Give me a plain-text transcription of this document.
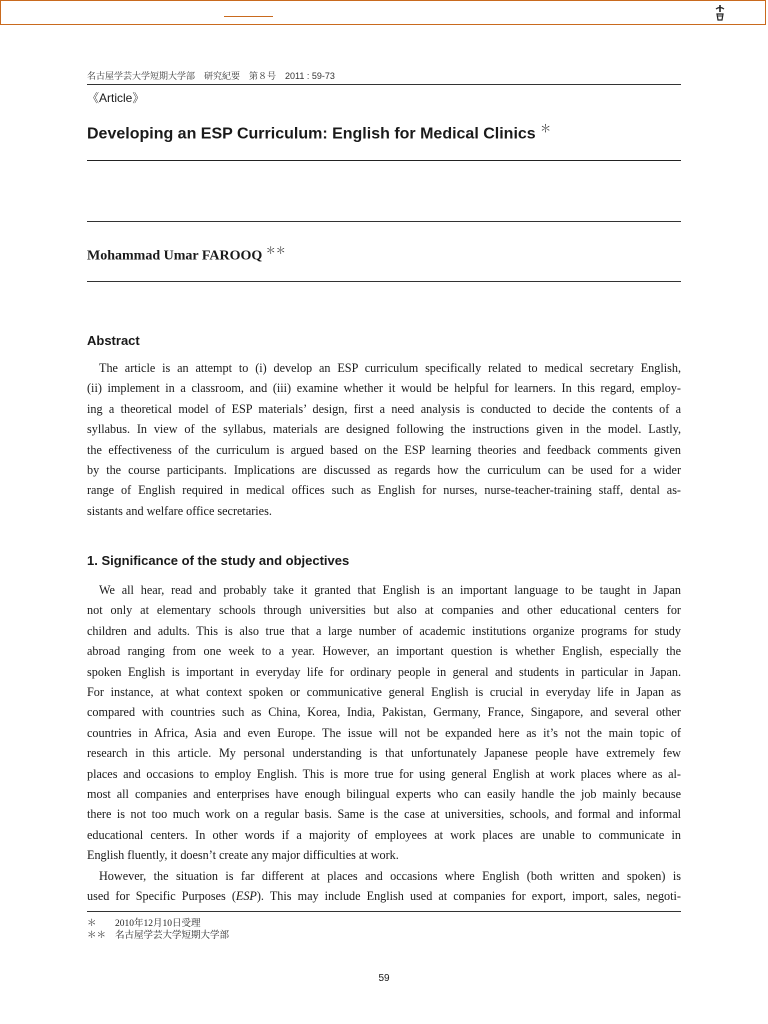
名古屋学芸大学短期大学部　研究紀要　第８号　2011 : 59-73
《Article》
Developing an ESP Curriculum: English for Medical Clinics ＊
Mohammad Umar FAROOQ ＊＊
Abstract
The article is an attempt to (i) develop an ESP curriculum specifically related to medical secretary English,
(ii) implement in a classroom, and (iii) examine whether it would be helpful for learners. In this regard, employ-
ing a theoretical model of ESP materials’ design, first a need analysis is conducted to decide the contents of a
syllabus. In view of the syllabus, materials are designed following the instructions given in the model. Lastly,
the effectiveness of the curriculum is argued based on the ESP learning theories and feedback comments given
by the course participants. Implications are discussed as regards how the curriculum can be used for a wider
range of English required in medical offices such as English for nurses, nurse-teacher-training staff, dental as-
sistants and welfare office secretaries.
1. Significance of the study and objectives
We all hear, read and probably take it granted that English is an important language to be taught in Japan
not only at elementary schools through universities but also at companies and other educational centers for
children and adults. This is also true that a large number of academic institutions organize programs for study
abroad ranging from one week to a year. However, an important question is whether English, especially the
spoken English is important in everyday life for ordinary people in general and students in particular in Japan.
For instance, at what context spoken or communicative general English is crucial in everyday life in Japan as
compared with countries such as China, Korea, India, Pakistan, Germany, France, Singapore, and several other
countries in Africa, Asia and even Europe. The issue will not be expanded here as it’s not the main topic of
research in this article. My personal understanding is that unfortunately Japanese people have extremely few
places and occasions to employ English. This is more true for using general English at work places where as al-
most all companies and enterprises have enough bilingual experts who can easily handle the job mainly because
there is not too much work on a regular basis. Same is the case at universities, schools, and formal and informal
educational centers. In other words if a majority of employees at work places are unable to communicate in
English fluently, it doesn’t create any major difficulties at work.
However, the situation is far different at places and occasions where English (both written and spoken) is
used for Specific Purposes (ESP). This may include English used at companies for export, import, sales, negoti-
＊ 2010年12月10日受理
＊＊ 名古屋学芸大学短期大学部
59
